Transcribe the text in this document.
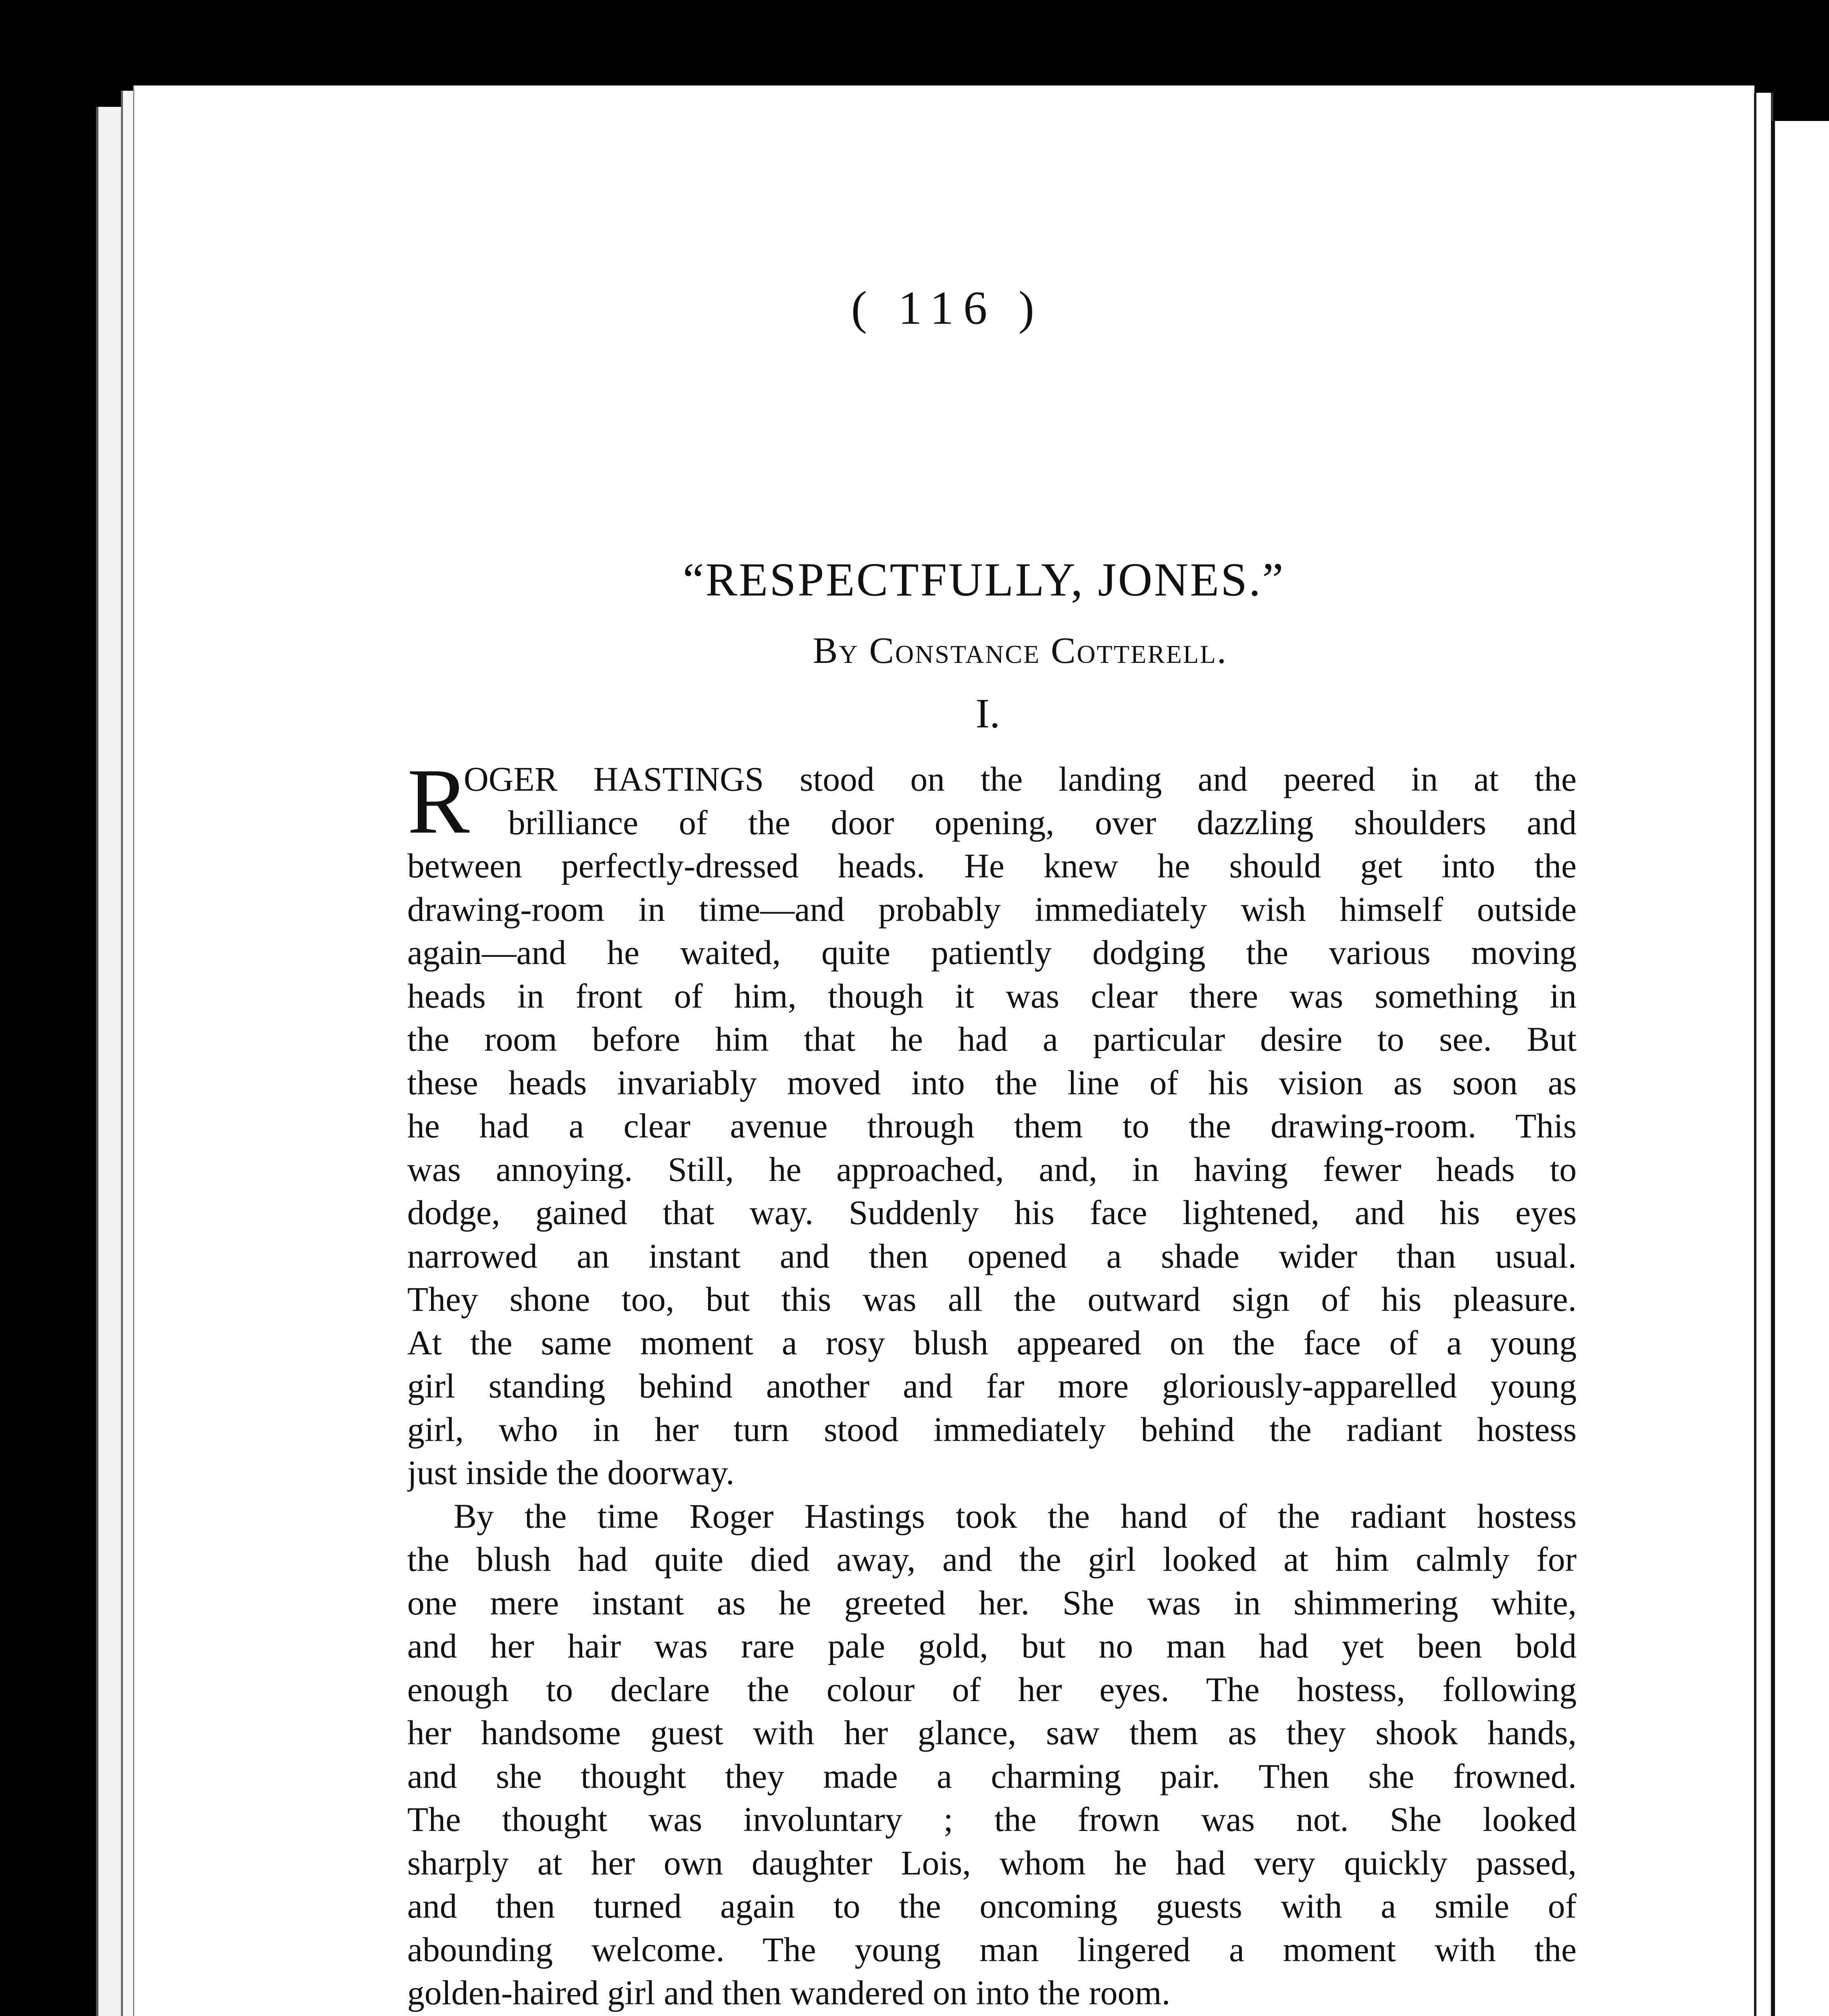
( 116 )
“RESPECTFULLY, JONES.”
By Constance Cotterell.
I.
R
OGER HASTINGS stood on the landing and peered in at the
brilliance of the door opening, over dazzling shoulders and
between perfectly-dressed heads. He knew he should get into the
drawing-room in time—and probably immediately wish himself outside
again—and he waited, quite patiently dodging the various moving
heads in front of him, though it was clear there was something in
the room before him that he had a particular desire to see. But
these heads invariably moved into the line of his vision as soon as
he had a clear avenue through them to the drawing-room. This
was annoying. Still, he approached, and, in having fewer heads to
dodge, gained that way. Suddenly his face lightened, and his eyes
narrowed an instant and then opened a shade wider than usual.
They shone too, but this was all the outward sign of his pleasure.
At the same moment a rosy blush appeared on the face of a young
girl standing behind another and far more gloriously-apparelled young
girl, who in her turn stood immediately behind the radiant hostess
just inside the doorway.
By the time Roger Hastings took the hand of the radiant hostess
the blush had quite died away, and the girl looked at him calmly for
one mere instant as he greeted her. She was in shimmering white,
and her hair was rare pale gold, but no man had yet been bold
enough to declare the colour of her eyes. The hostess, following
her handsome guest with her glance, saw them as they shook hands,
and she thought they made a charming pair. Then she frowned.
The thought was involuntary ; the frown was not. She looked
sharply at her own daughter Lois, whom he had very quickly passed,
and then turned again to the oncoming guests with a smile of
abounding welcome. The young man lingered a moment with the
golden-haired girl and then wandered on into the room.
